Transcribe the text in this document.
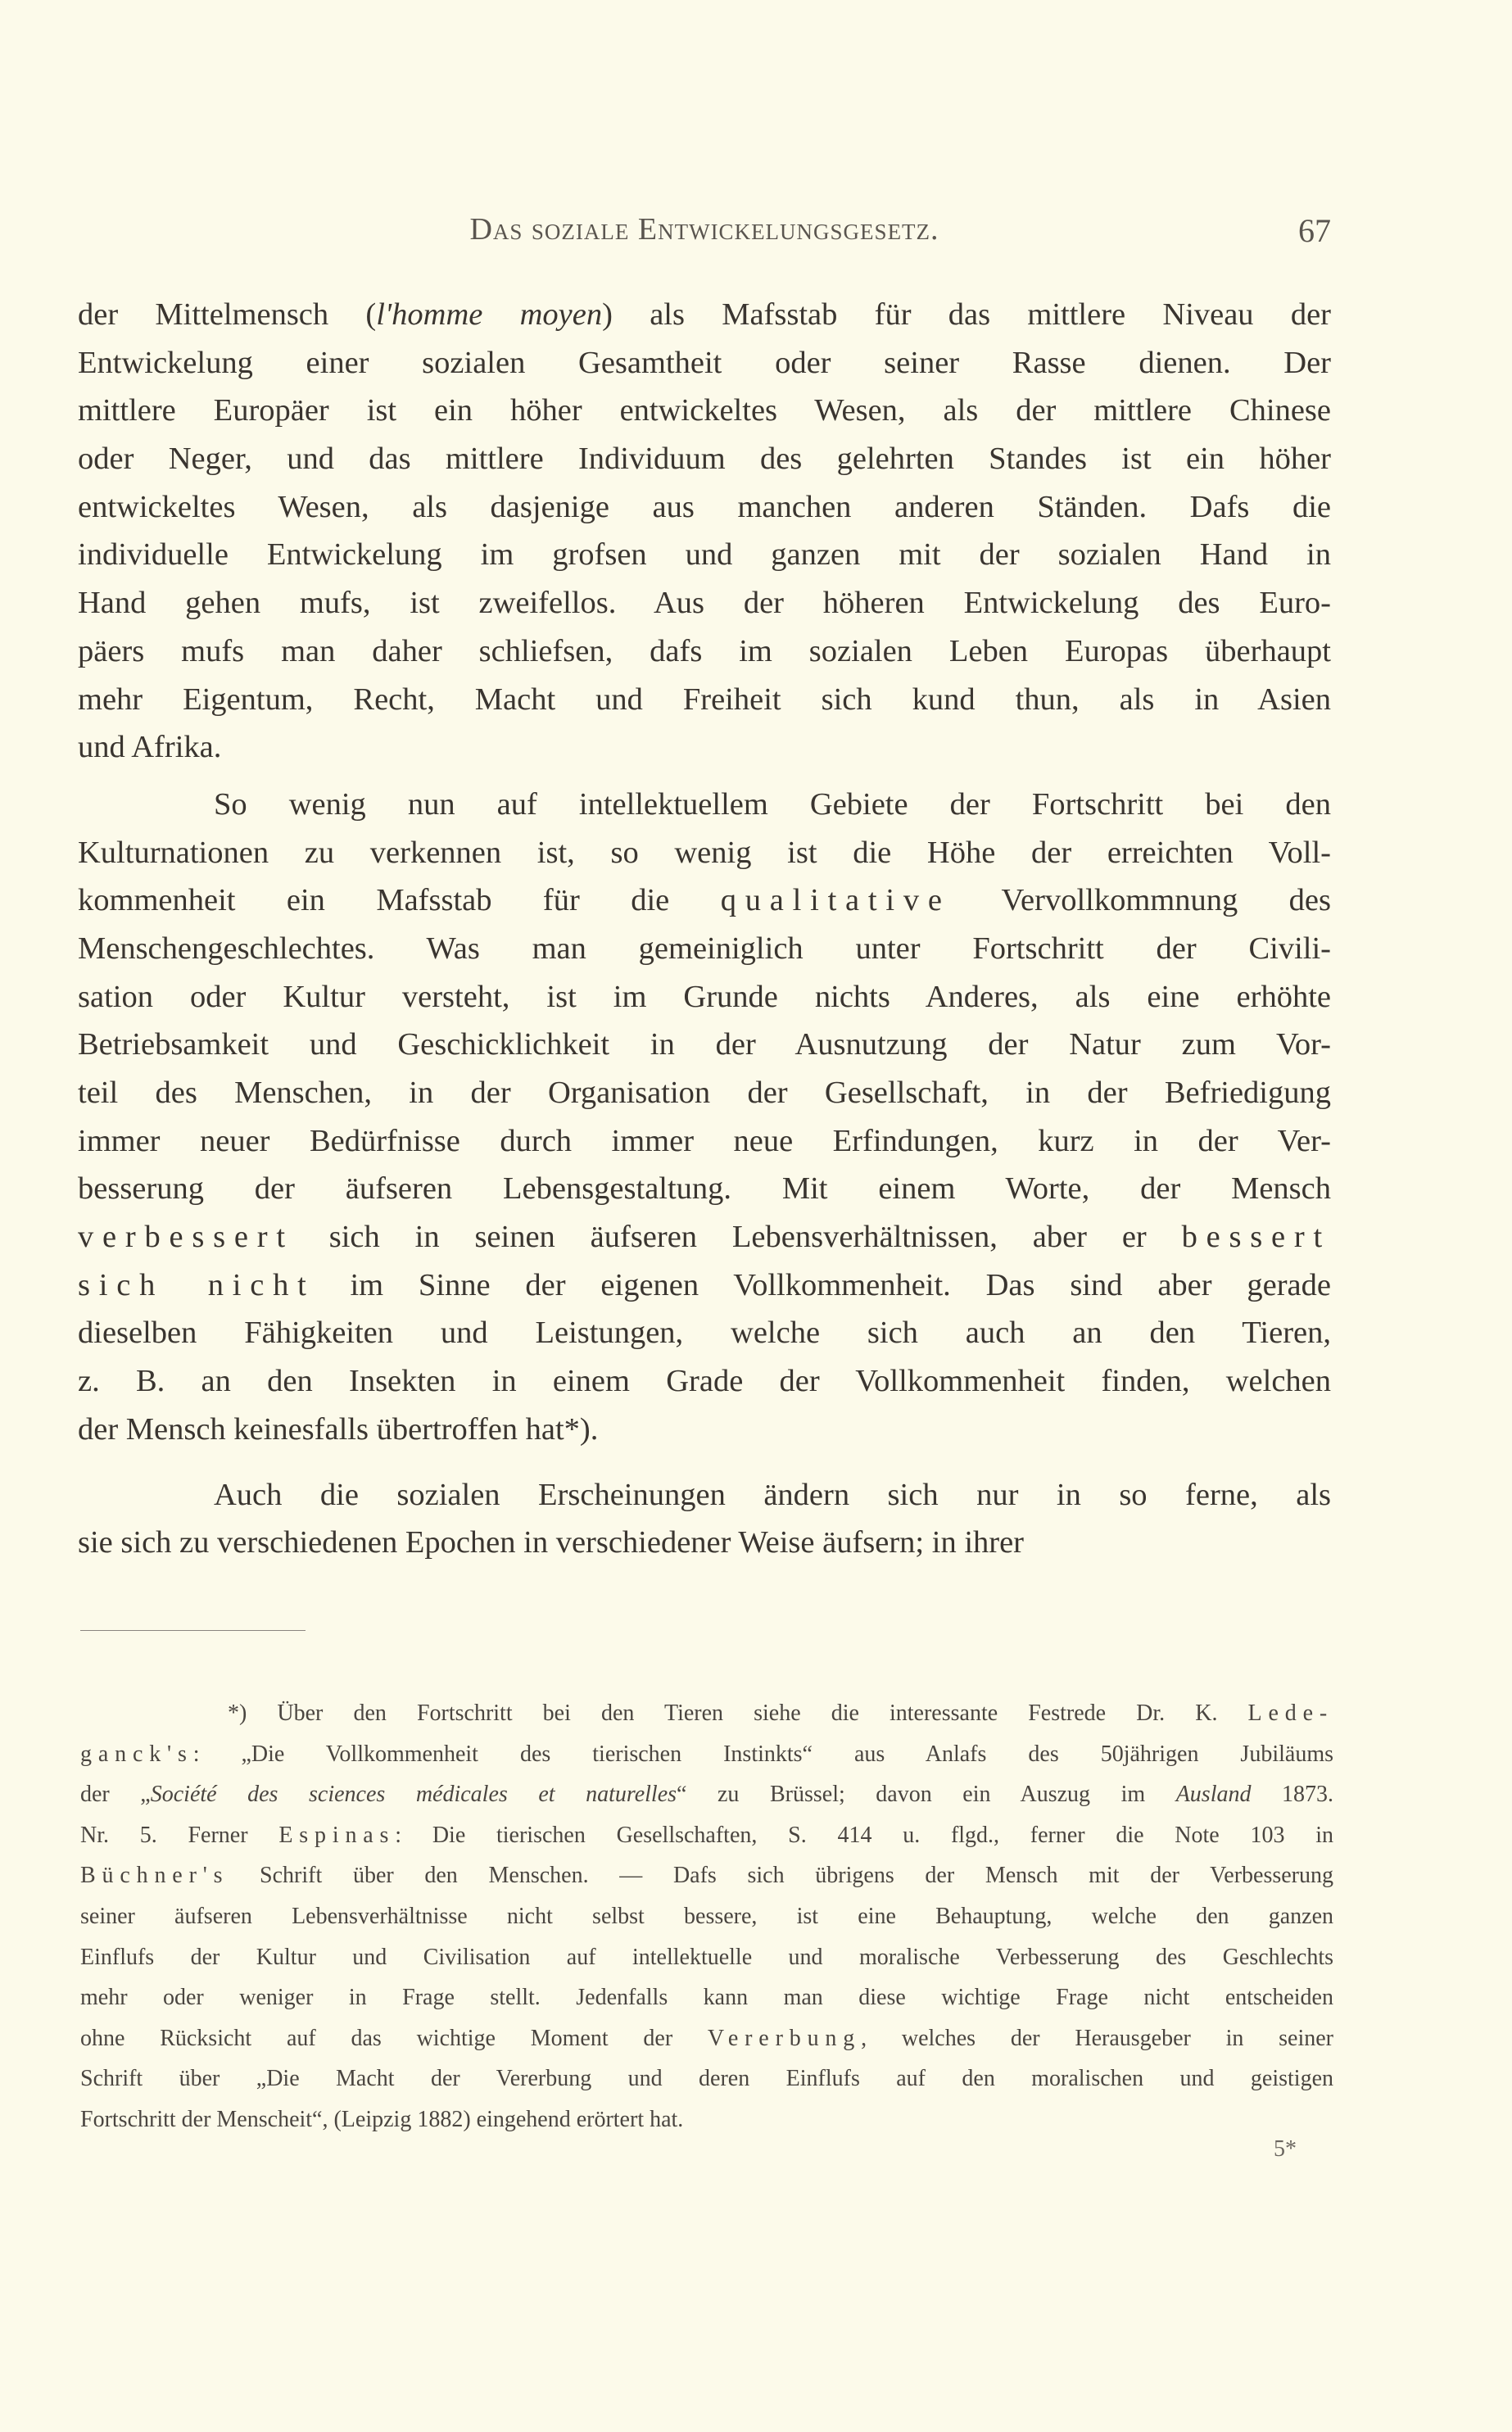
Das soziale Entwickelungsgesetz.	67
der Mittelmensch (l'homme moyen) als Mafsstab für das mittlere Niveau der
Entwickelung einer sozialen Gesamtheit oder seiner Rasse dienen. Der
mittlere Europäer ist ein höher entwickeltes Wesen, als der mittlere Chinese
oder Neger, und das mittlere Individuum des gelehrten Standes ist ein höher
entwickeltes Wesen, als dasjenige aus manchen anderen Ständen. Dafs die
individuelle Entwickelung im grofsen und ganzen mit der sozialen Hand in
Hand gehen mufs, ist zweifellos. Aus der höheren Entwickelung des Euro-
päers mufs man daher schliefsen, dafs im sozialen Leben Europas überhaupt
mehr Eigentum, Recht, Macht und Freiheit sich kund thun, als in Asien
und Afrika.
So wenig nun auf intellektuellem Gebiete der Fortschritt bei den
Kulturnationen zu verkennen ist, so wenig ist die Höhe der erreichten Voll-
kommenheit ein Mafsstab für die qualitative Vervollkommnung des
Menschengeschlechtes. Was man gemeiniglich unter Fortschritt der Civili-
sation oder Kultur versteht, ist im Grunde nichts Anderes, als eine erhöhte
Betriebsamkeit und Geschicklichkeit in der Ausnutzung der Natur zum Vor-
teil des Menschen, in der Organisation der Gesellschaft, in der Befriedigung
immer neuer Bedürfnisse durch immer neue Erfindungen, kurz in der Ver-
besserung der äufseren Lebensgestaltung. Mit einem Worte, der Mensch
verbessert sich in seinen äufseren Lebensverhältnissen, aber er bessert
sich nicht im Sinne der eigenen Vollkommenheit. Das sind aber gerade
dieselben Fähigkeiten und Leistungen, welche sich auch an den Tieren,
z. B. an den Insekten in einem Grade der Vollkommenheit finden, welchen
der Mensch keinesfalls übertroffen hat*).
Auch die sozialen Erscheinungen ändern sich nur in so ferne, als
sie sich zu verschiedenen Epochen in verschiedener Weise äufsern; in ihrer
*) Über den Fortschritt bei den Tieren siehe die interessante Festrede Dr. K. Lede-
ganck's: „Die Vollkommenheit des tierischen Instinkts“ aus Anlafs des 50jährigen Jubiläums
der „Société des sciences médicales et naturelles“ zu Brüssel; davon ein Auszug im Ausland 1873.
Nr. 5. Ferner Espinas: Die tierischen Gesellschaften, S. 414 u. flgd., ferner die Note 103 in
Büchner's Schrift über den Menschen. — Dafs sich übrigens der Mensch mit der Verbesserung
seiner äufseren Lebensverhältnisse nicht selbst bessere, ist eine Behauptung, welche den ganzen
Einflufs der Kultur und Civilisation auf intellektuelle und moralische Verbesserung des Geschlechts
mehr oder weniger in Frage stellt. Jedenfalls kann man diese wichtige Frage nicht entscheiden
ohne Rücksicht auf das wichtige Moment der Vererbung, welches der Herausgeber in seiner
Schrift über „Die Macht der Vererbung und deren Einflufs auf den moralischen und geistigen
Fortschritt der Menscheit“, (Leipzig 1882) eingehend erörtert hat.
5*
